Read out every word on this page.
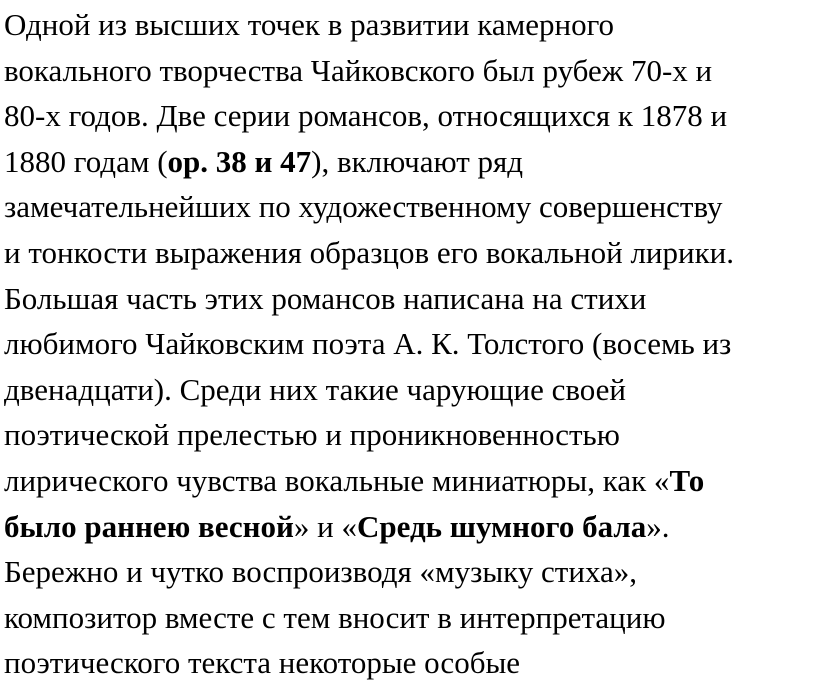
Одной из высших точек в развитии камерного
вокального творчества Чайковского был рубеж 70-х и
80-х годов. Две серии романсов, относящихся к 1878 и
1880 годам (ор. 38 и 47), включают ряд
замечательнейших по художественному совершенству
и тонкости выражения образцов его вокальной лирики.
Большая часть этих романсов написана на стихи
любимого Чайковским поэта А. К. Толстого (восемь из
двенадцати). Среди них такие чарующие своей
поэтической прелестью и проникновенностью
лирического чувства вокальные миниатюры, как «То
было раннею весной» и «Средь шумного бала».
Бережно и чутко воспроизводя «музыку стиха»,
композитор вместе с тем вносит в интерпретацию
поэтического текста некоторые особые
